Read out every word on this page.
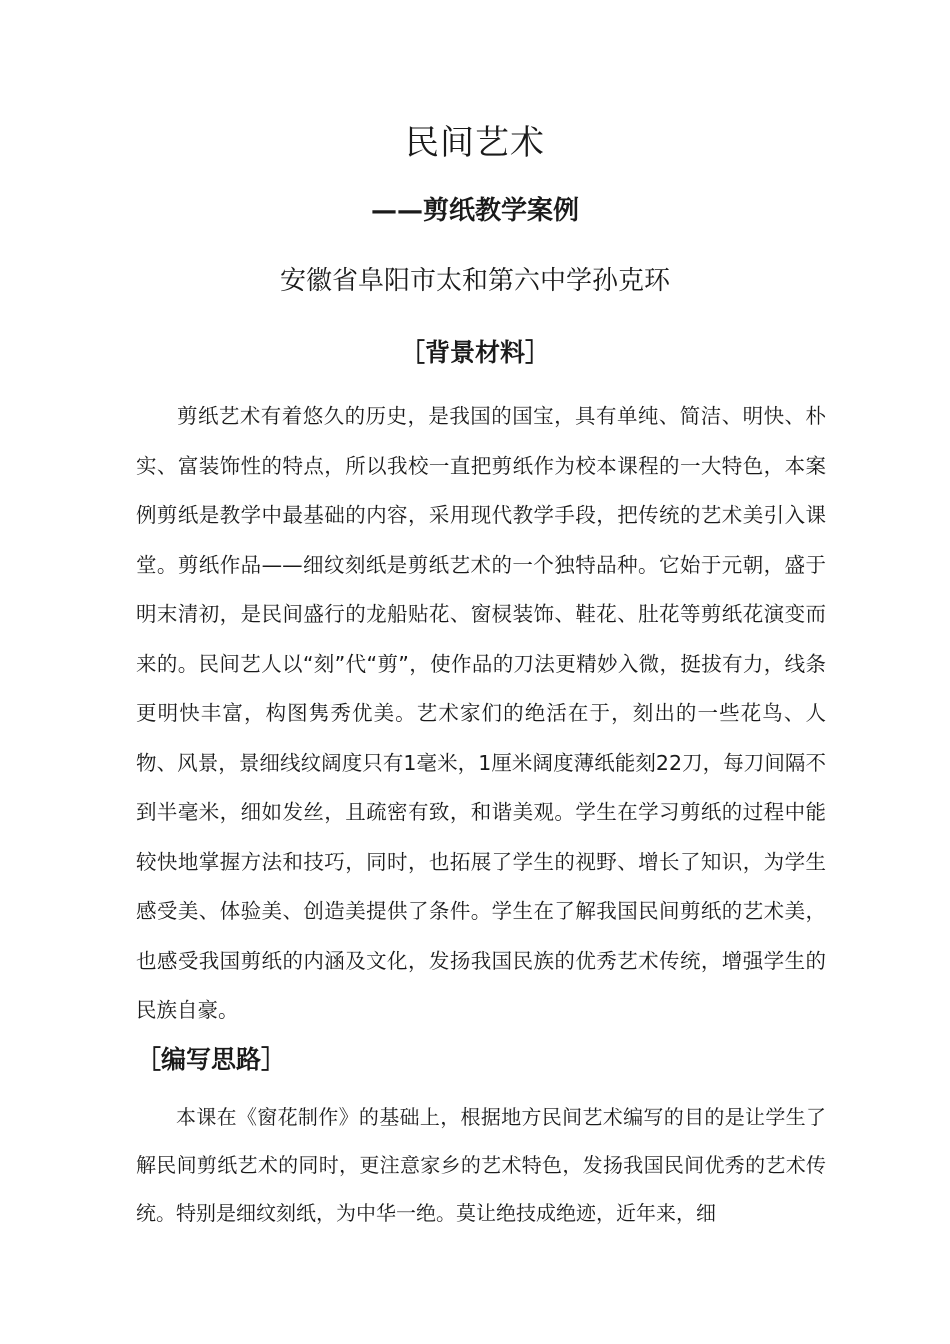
民间艺术
——剪纸教学案例
安徽省阜阳市太和第六中学孙克环
［背景材料］

剪纸艺术有着悠久的历史，是我国的国宝，具有单纯、简洁、明快、朴实、富装饰性的特点，所以我校一直把剪纸作为校本课程的一大特色，本案例剪纸是教学中最基础的内容，采用现代教学手段，把传统的艺术美引入课堂。剪纸作品——细纹刻纸是剪纸艺术的一个独特品种。它始于元朝，盛于明末清初，是民间盛行的龙船贴花、窗棂装饰、鞋花、肚花等剪纸花演变而来的。民间艺人以“刻”代“剪”，使作品的刀法更精妙入微，挺拔有力，线条更明快丰富，构图隽秀优美。艺术家们的绝活在于，刻出的一些花鸟、人物、风景，景细线纹阔度只有1毫米，1厘米阔度薄纸能刻22刀，每刀间隔不到半毫米，细如发丝，且疏密有致，和谐美观。学生在学习剪纸的过程中能较快地掌握方法和技巧，同时，也拓展了学生的视野、增长了知识，为学生感受美、体验美、创造美提供了条件。学生在了解我国民间剪纸的艺术美，也感受我国剪纸的内涵及文化，发扬我国民族的优秀艺术传统，增强学生的民族自豪。

［编写思路］

本课在《窗花制作》的基础上，根据地方民间艺术编写的目的是让学生了解民间剪纸艺术的同时，更注意家乡的艺术特色，发扬我国民间优秀的艺术传统。特别是细纹刻纸，为中华一绝。莫让绝技成绝迹，近年来，细
